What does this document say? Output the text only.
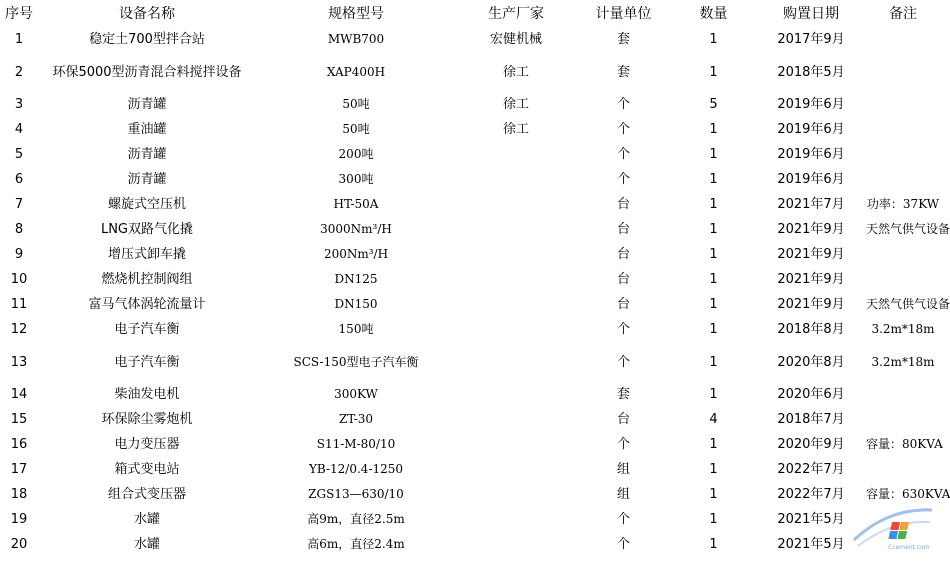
序号	设备名称	规格型号	生产厂家	计量单位	数量	购置日期	备注
1	稳定土700型拌合站	MWB700	宏健机械	套	1	2017年9月	
2	环保5000型沥青混合料搅拌设备	XAP400H	徐工	套	1	2018年5月	
3	沥青罐	50吨	徐工	个	5	2019年6月	
4	重油罐	50吨	徐工	个	1	2019年6月	
5	沥青罐	200吨		个	1	2019年6月	
6	沥青罐	300吨		个	1	2019年6月	
7	螺旋式空压机	HT-50A		台	1	2021年7月	功率：37KW
8	LNG双路气化撬	3000Nm³/H		台	1	2021年9月	天然气供气设备
9	增压式卸车撬	200Nm³/H		台	1	2021年9月	
10	燃烧机控制阀组	DN125		台	1	2021年9月	
11	富马气体涡轮流量计	DN150		台	1	2021年9月	天然气供气设备
12	电子汽车衡	150吨		个	1	2018年8月	3.2m*18m
13	电子汽车衡	SCS-150型电子汽车衡		个	1	2020年8月	3.2m*18m
14	柴油发电机	300KW		套	1	2020年6月	
15	环保除尘雾炮机	ZT-30		台	4	2018年7月	
16	电力变压器	S11-M-80/10		个	1	2020年9月	容量：80KVA
17	箱式变电站	YB-12/0.4-1250		组	1	2022年7月	
18	组合式变压器	ZGS13—630/10		组	1	2022年7月	容量：630KVA
19	水罐	高9m，直径2.5m		个	1	2021年5月	
20	水罐	高6m，直径2.4m		个	1	2021年5月		Ccement.com
